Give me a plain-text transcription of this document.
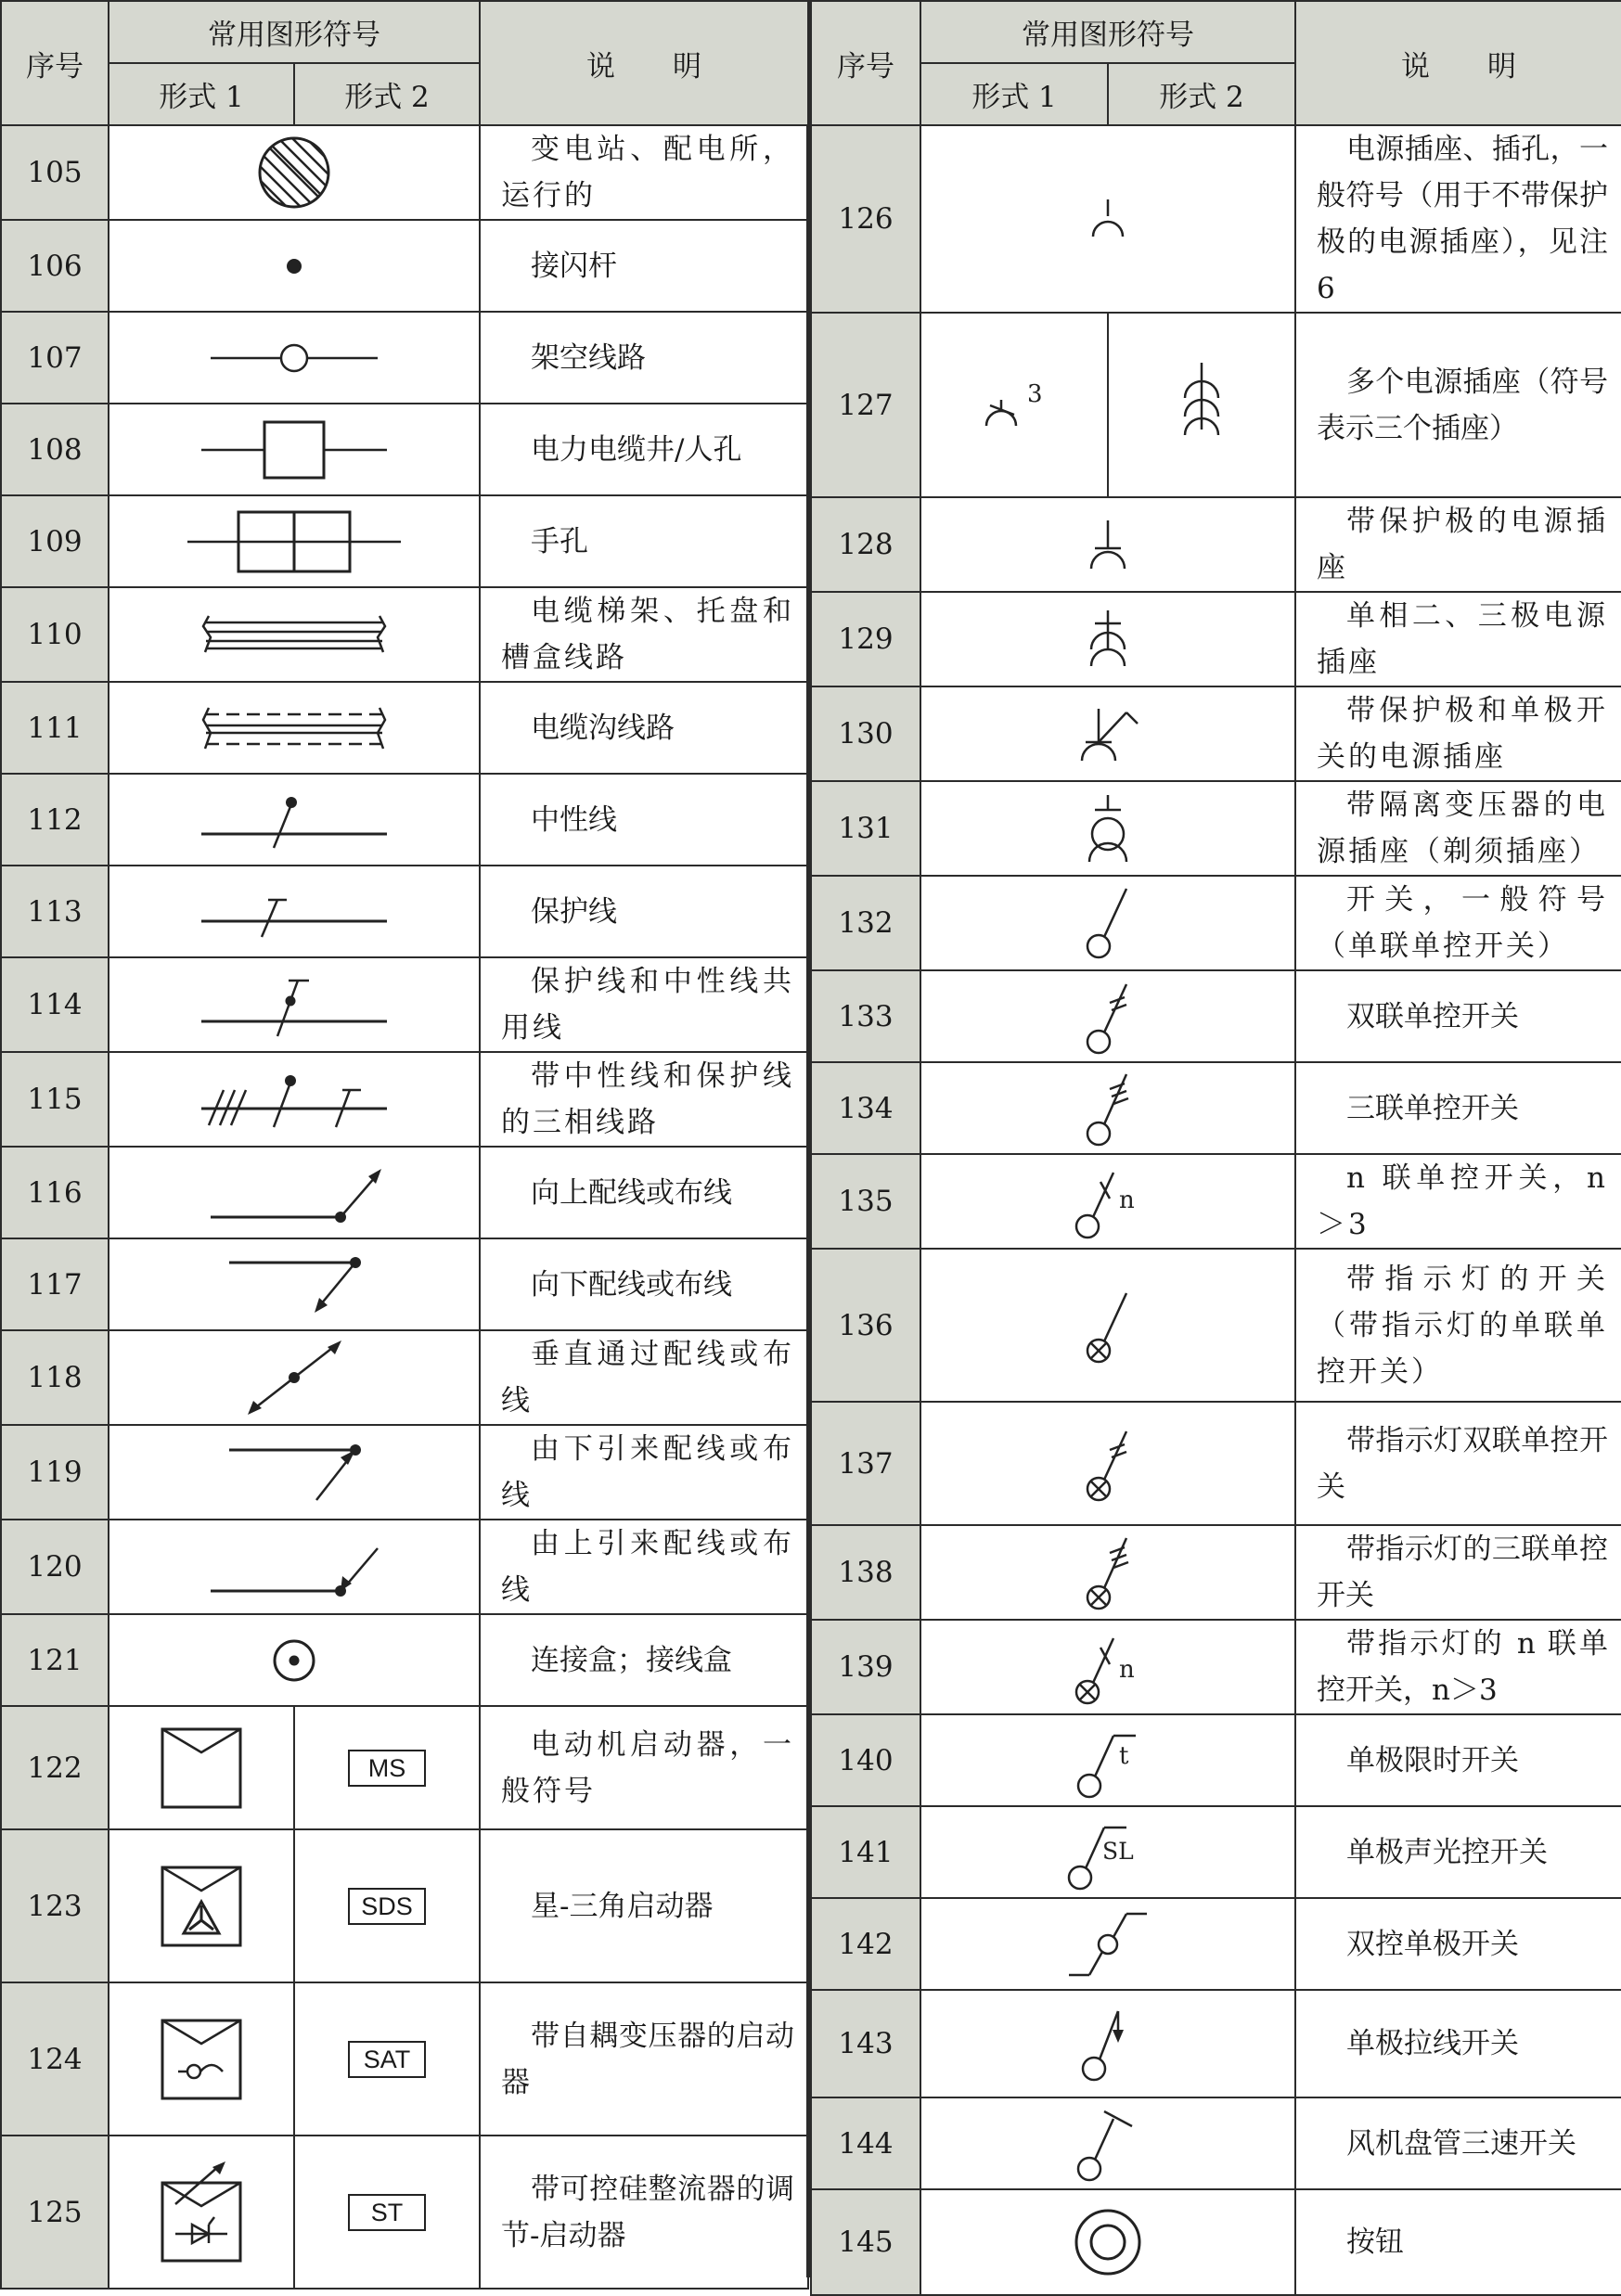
序号	常用图形符号		说　　明
	形式 1	形式 2	
105			变电站、配电所，运行的
106			接闪杆
107			架空线路
108			电力电缆井/人孔
109			手孔
110			电缆梯架、托盘和槽盒线路
111			电缆沟线路
112			中性线
113			保护线
114			保护线和中性线共用线
115			带中性线和保护线的三相线路
116			向上配线或布线
117			向下配线或布线
118			垂直通过配线或布线
119			由下引来配线或布线
120			由上引来配线或布线
121			连接盒；接线盒
122		MS	电动机启动器，一般符号
123		SDS	星-三角启动器
124		SAT	带自耦变压器的启动器
125		ST	带可控硅整流器的调节-启动器
序号	常用图形符号		说　　明
	形式 1	形式 2	
126			电源插座、插孔，一般符号（用于不带保护极的电源插座），见注 6
127	3		多个电源插座（符号表示三个插座）
128			带保护极的电源插座
129			单相二、三极电源插座
130			带保护极和单极开关的电源插座
131			带隔离变压器的电源插座（剃须插座）
132			开关，一般符号（单联单控开关）
133			双联单控开关
134			三联单控开关
135	n		n 联单控开关，n＞3
136			带指示灯的开关（带指示灯的单联单控开关）
137			带指示灯双联单控开关
138			带指示灯的三联单控开关
139	n		带指示灯的 n 联单控开关，n＞3
140	t		单极限时开关
141	SL		单极声光控开关
142			双控单极开关
143			单极拉线开关
144			风机盘管三速开关
145			按钮
